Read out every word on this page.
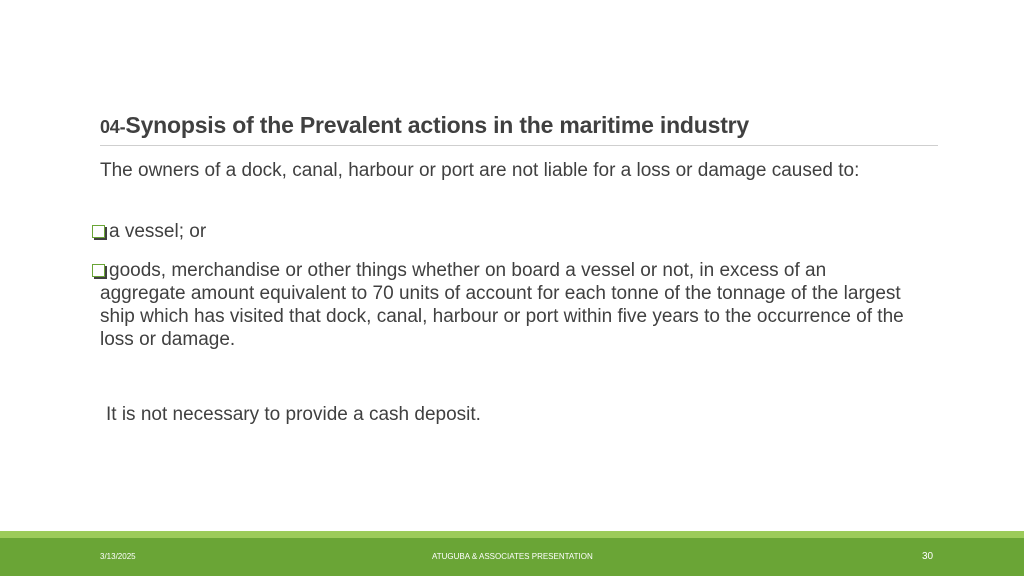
04-Synopsis of the Prevalent actions in the maritime industry
The owners of a dock, canal, harbour or port are not liable for a loss or damage caused to:
a vessel; or
goods, merchandise or other things whether on board a vessel or not, in excess of an
aggregate amount equivalent to 70 units of account for each tonne of the tonnage of the largest ship which has visited that dock, canal, harbour or port within five years to the occurrence of the loss or damage.
It is not necessary to provide a cash deposit.
3/13/2025	ATUGUBA & ASSOCIATES PRESENTATION	30
